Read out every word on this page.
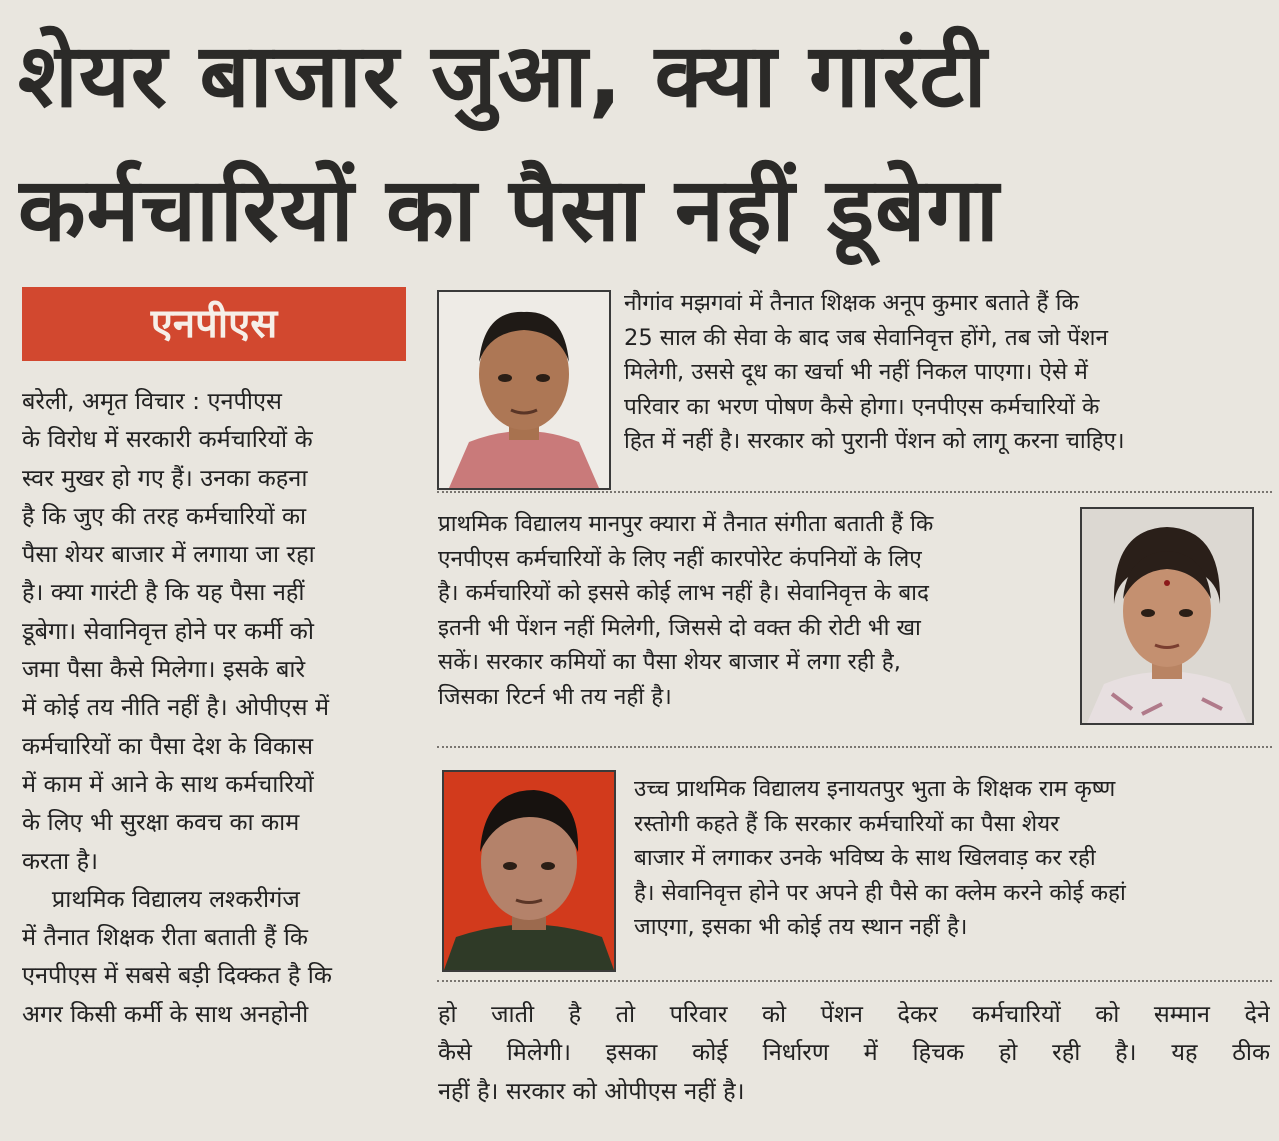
शेयर बाजार जुआ, क्या गारंटी
कर्मचारियों का पैसा नहीं डूबेगा
एनपीएस
बरेली, अमृत विचार : एनपीएस
के विरोध में सरकारी कर्मचारियों के
स्वर मुखर हो गए हैं। उनका कहना
है कि जुए की तरह कर्मचारियों का
पैसा शेयर बाजार में लगाया जा रहा
है। क्या गारंटी है कि यह पैसा नहीं
डूबेगा। सेवानिवृत्त होने पर कर्मी को
जमा पैसा कैसे मिलेगा। इसके बारे
में कोई तय नीति नहीं है। ओपीएस में
कर्मचारियों का पैसा देश के विकास
में काम में आने के साथ कर्मचारियों
के लिए भी सुरक्षा कवच का काम
करता है।
प्राथमिक विद्यालय लश्करीगंज
में तैनात शिक्षक रीता बताती हैं कि
एनपीएस में सबसे बड़ी दिक्कत है कि
अगर किसी कर्मी के साथ अनहोनी
नौगांव मझगवां में तैनात शिक्षक अनूप कुमार बताते हैं कि
25 साल की सेवा के बाद जब सेवानिवृत्त होंगे, तब जो पेंशन
मिलेगी, उससे दूध का खर्चा भी नहीं निकल पाएगा। ऐसे में
परिवार का भरण पोषण कैसे होगा। एनपीएस कर्मचारियों के
हित में नहीं है। सरकार को पुरानी पेंशन को लागू करना चाहिए।
प्राथमिक विद्यालय मानपुर क्यारा में तैनात संगीता बताती हैं कि
एनपीएस कर्मचारियों के लिए नहीं कारपोरेट कंपनियों के लिए
है। कर्मचारियों को इससे कोई लाभ नहीं है। सेवानिवृत्त के बाद
इतनी भी पेंशन नहीं मिलेगी, जिससे दो वक्त की रोटी भी खा
सकें। सरकार कमियों का पैसा शेयर बाजार में लगा रही है,
जिसका रिटर्न भी तय नहीं है।
उच्च प्राथमिक विद्यालय इनायतपुर भुता के शिक्षक राम कृष्ण
रस्तोगी कहते हैं कि सरकार कर्मचारियों का पैसा शेयर
बाजार में लगाकर उनके भविष्य के साथ खिलवाड़ कर रही
है। सेवानिवृत्त होने पर अपने ही पैसे का क्लेम करने कोई कहां
जाएगा, इसका भी कोई तय स्थान नहीं है।
हो जाती है तो परिवार को पेंशन देकर कर्मचारियों को सम्मान देने
कैसे मिलेगी। इसका कोई निर्धारण में हिचक हो रही है। यह ठीक
नहीं है। सरकार को ओपीएस नहीं है।
